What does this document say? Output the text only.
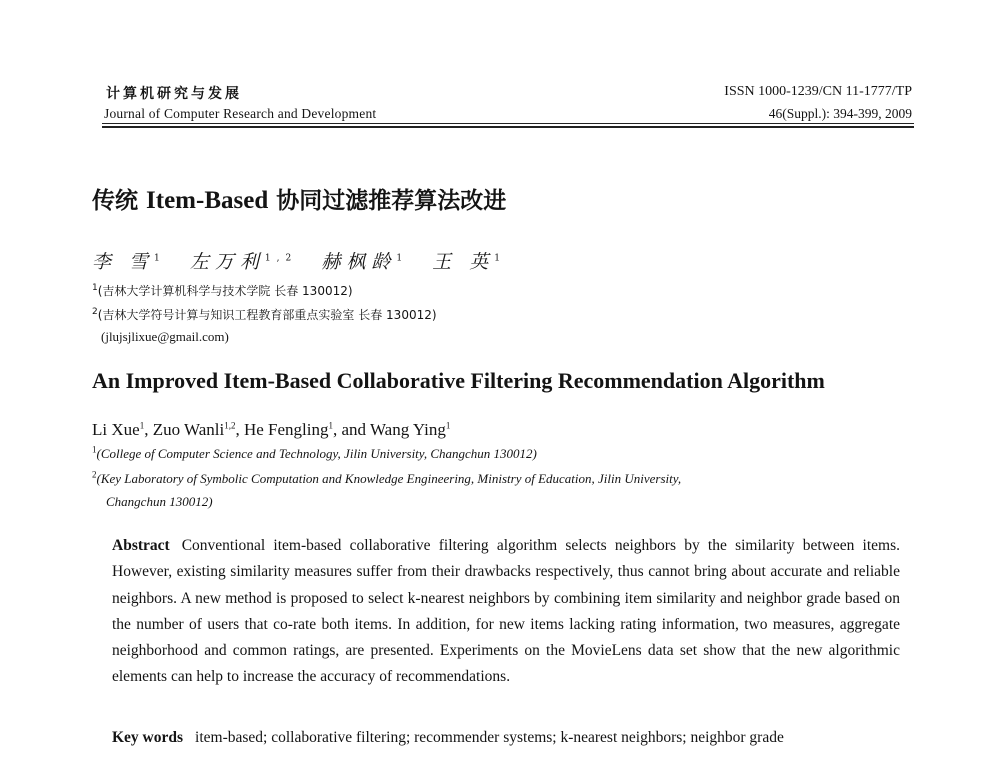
计算机研究与发展
Journal of Computer Research and Development
ISSN 1000-1239/CN 11-1777/TP
46(Suppl.): 394-399, 2009
传统 Item-Based 协同过滤推荐算法改进
李 雪$^1$ 左万利$^{1,2}$ 赫枫龄$^1$ 王 英$^1$
$^1$(吉林大学计算机科学与技术学院 长春 130012)
$^2$(吉林大学符号计算与知识工程教育部重点实验室 长春 130012)
(jlujsjlixue@gmail.com)
An Improved Item-Based Collaborative Filtering Recommendation Algorithm
Li Xue$^1$, Zuo Wanli$^{1,2}$, He Fengling$^1$, and Wang Ying$^1$
$^1$(College of Computer Science and Technology, Jilin University, Changchun 130012)
$^2$(Key Laboratory of Symbolic Computation and Knowledge Engineering, Ministry of Education, Jilin University,
Changchun 130012)
Abstract Conventional item-based collaborative filtering algorithm selects neighbors by the similarity between items. However, existing similarity measures suffer from their drawbacks respectively, thus cannot bring about accurate and reliable neighbors. A new method is proposed to select k-nearest neighbors by combining item similarity and neighbor grade based on the number of users that co-rate both items. In addition, for new items lacking rating information, two measures, aggregate neighborhood and common ratings, are presented. Experiments on the MovieLens data set show that the new algorithmic elements can help to increase the accuracy of recommendations.
Key words item-based; collaborative filtering; recommender systems; k-nearest neighbors; neighbor grade
